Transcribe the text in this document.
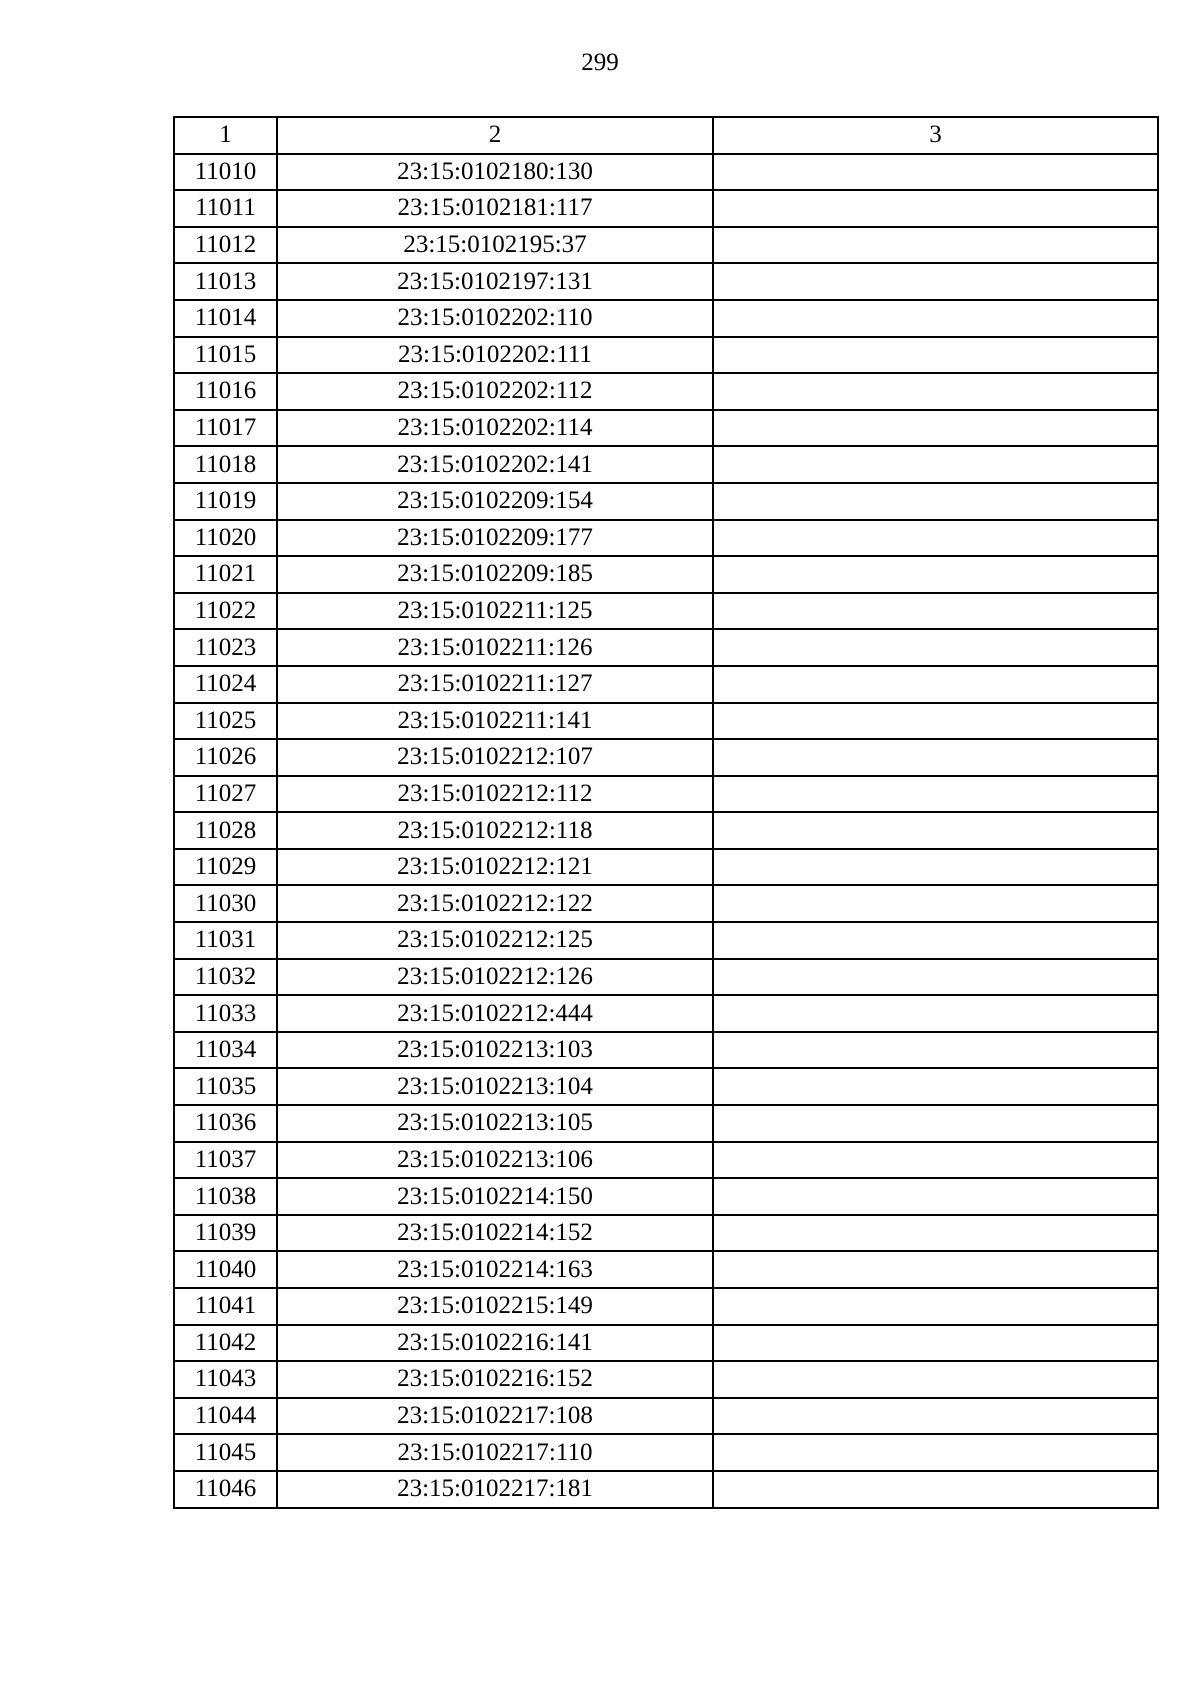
299
1	2	3
11010	23:15:0102180:130	
11011	23:15:0102181:117	
11012	23:15:0102195:37	
11013	23:15:0102197:131	
11014	23:15:0102202:110	
11015	23:15:0102202:111	
11016	23:15:0102202:112	
11017	23:15:0102202:114	
11018	23:15:0102202:141	
11019	23:15:0102209:154	
11020	23:15:0102209:177	
11021	23:15:0102209:185	
11022	23:15:0102211:125	
11023	23:15:0102211:126	
11024	23:15:0102211:127	
11025	23:15:0102211:141	
11026	23:15:0102212:107	
11027	23:15:0102212:112	
11028	23:15:0102212:118	
11029	23:15:0102212:121	
11030	23:15:0102212:122	
11031	23:15:0102212:125	
11032	23:15:0102212:126	
11033	23:15:0102212:444	
11034	23:15:0102213:103	
11035	23:15:0102213:104	
11036	23:15:0102213:105	
11037	23:15:0102213:106	
11038	23:15:0102214:150	
11039	23:15:0102214:152	
11040	23:15:0102214:163	
11041	23:15:0102215:149	
11042	23:15:0102216:141	
11043	23:15:0102216:152	
11044	23:15:0102217:108	
11045	23:15:0102217:110	
11046	23:15:0102217:181	
